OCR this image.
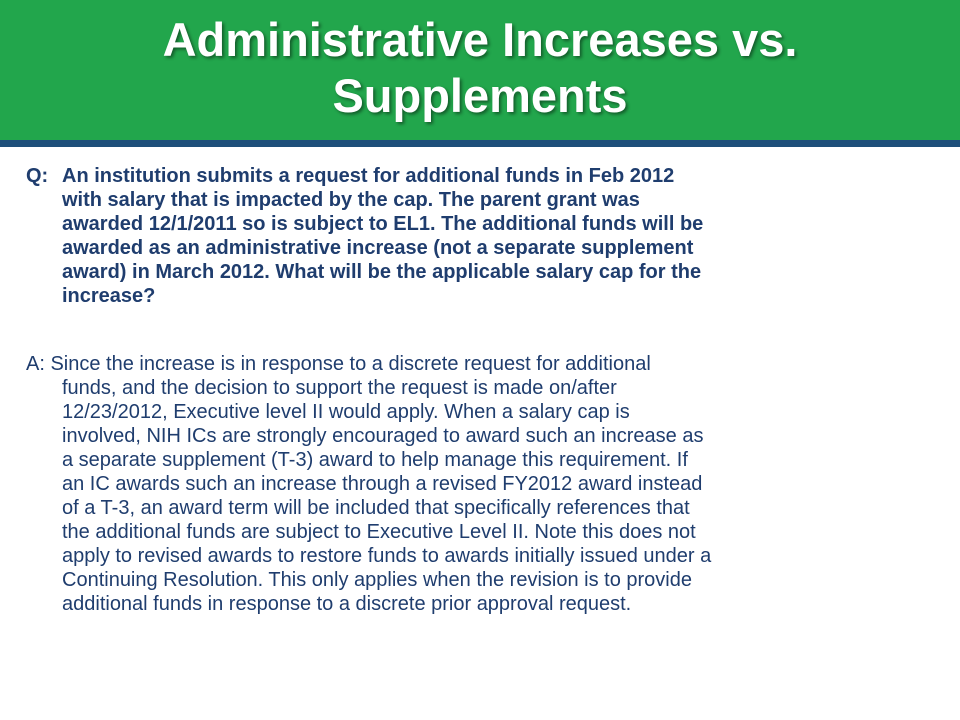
Administrative Increases vs.
Supplements

Q: An institution submits a request for additional funds in Feb 2012
with salary that is impacted by the cap. The parent grant was
awarded 12/1/2011 so is subject to EL1. The additional funds will be
awarded as an administrative increase (not a separate supplement
award) in March 2012. What will be the applicable salary cap for the
increase?

A: Since the increase is in response to a discrete request for additional
funds, and the decision to support the request is made on/after
12/23/2012, Executive level II would apply. When a salary cap is
involved, NIH ICs are strongly encouraged to award such an increase as
a separate supplement (T-3) award to help manage this requirement. If
an IC awards such an increase through a revised FY2012 award instead
of a T-3, an award term will be included that specifically references that
the additional funds are subject to Executive Level II. Note this does not
apply to revised awards to restore funds to awards initially issued under a
Continuing Resolution. This only applies when the revision is to provide
additional funds in response to a discrete prior approval request.
